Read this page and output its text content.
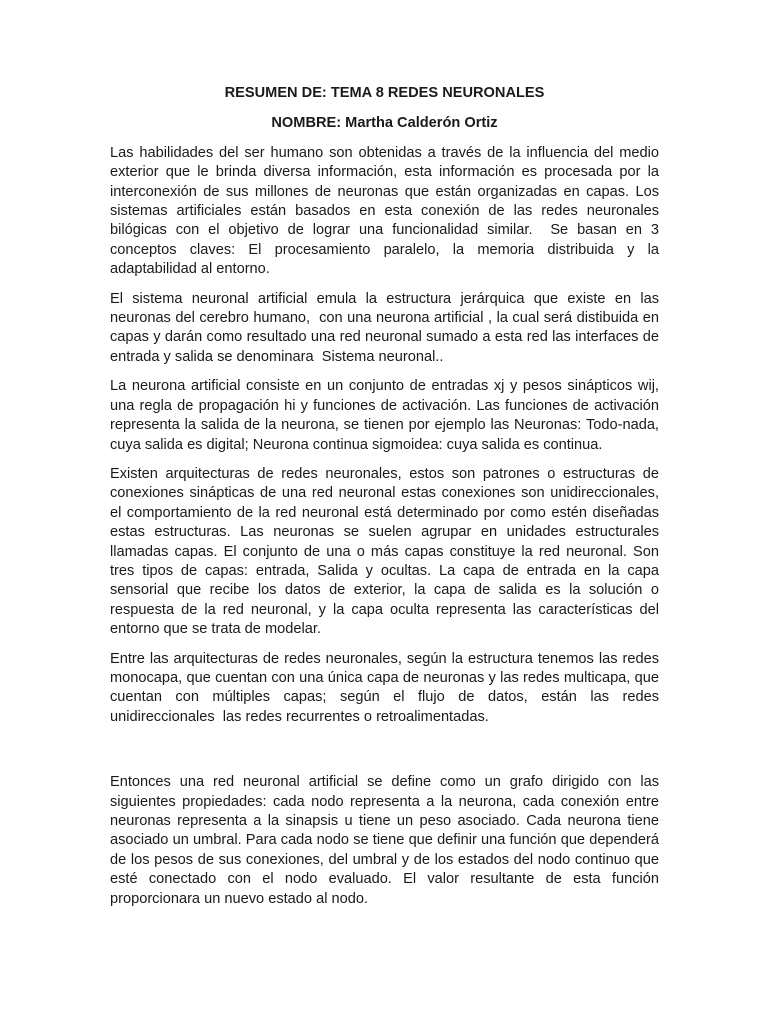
RESUMEN DE: TEMA 8 REDES NEURONALES
NOMBRE: Martha Calderón Ortiz

Las habilidades del ser humano son obtenidas a través de la influencia del medio exterior que le brinda diversa información, esta información es procesada por la interconexión de sus millones de neuronas que están organizadas en capas. Los sistemas artificiales están basados en esta conexión de las redes neuronales bilógicas con el objetivo de lograr una funcionalidad similar.  Se basan en 3 conceptos claves: El procesamiento paralelo, la memoria distribuida y la adaptabilidad al entorno.

El sistema neuronal artificial emula la estructura jerárquica que existe en las neuronas del cerebro humano,  con una neurona artificial , la cual será distibuida en capas y darán como resultado una red neuronal sumado a esta red las interfaces de entrada y salida se denominara  Sistema neuronal..

La neurona artificial consiste en un conjunto de entradas xj y pesos sinápticos wij, una regla de propagación hi y funciones de activación. Las funciones de activación representa la salida de la neurona, se tienen por ejemplo las Neuronas: Todo-nada, cuya salida es digital; Neurona continua sigmoidea: cuya salida es continua.

Existen arquitecturas de redes neuronales, estos son patrones o estructuras de conexiones sinápticas de una red neuronal estas conexiones son unidireccionales, el comportamiento de la red neuronal está determinado por como estén diseñadas estas estructuras. Las neuronas se suelen agrupar en unidades estructurales llamadas capas. El conjunto de una o más capas constituye la red neuronal. Son tres tipos de capas: entrada, Salida y ocultas. La capa de entrada en la capa sensorial que recibe los datos de exterior, la capa de salida es la solución o respuesta de la red neuronal, y la capa oculta representa las características del entorno que se trata de modelar.

Entre las arquitecturas de redes neuronales, según la estructura tenemos las redes monocapa, que cuentan con una única capa de neuronas y las redes multicapa, que cuentan con múltiples capas; según el flujo de datos, están las redes unidireccionales  las redes recurrentes o retroalimentadas.

Entonces una red neuronal artificial se define como un grafo dirigido con las siguientes propiedades: cada nodo representa a la neurona, cada conexión entre neuronas representa a la sinapsis u tiene un peso asociado. Cada neurona tiene asociado un umbral. Para cada nodo se tiene que definir una función que dependerá de los pesos de sus conexiones, del umbral y de los estados del nodo continuo que esté conectado con el nodo evaluado. El valor resultante de esta función proporcionara un nuevo estado al nodo.
